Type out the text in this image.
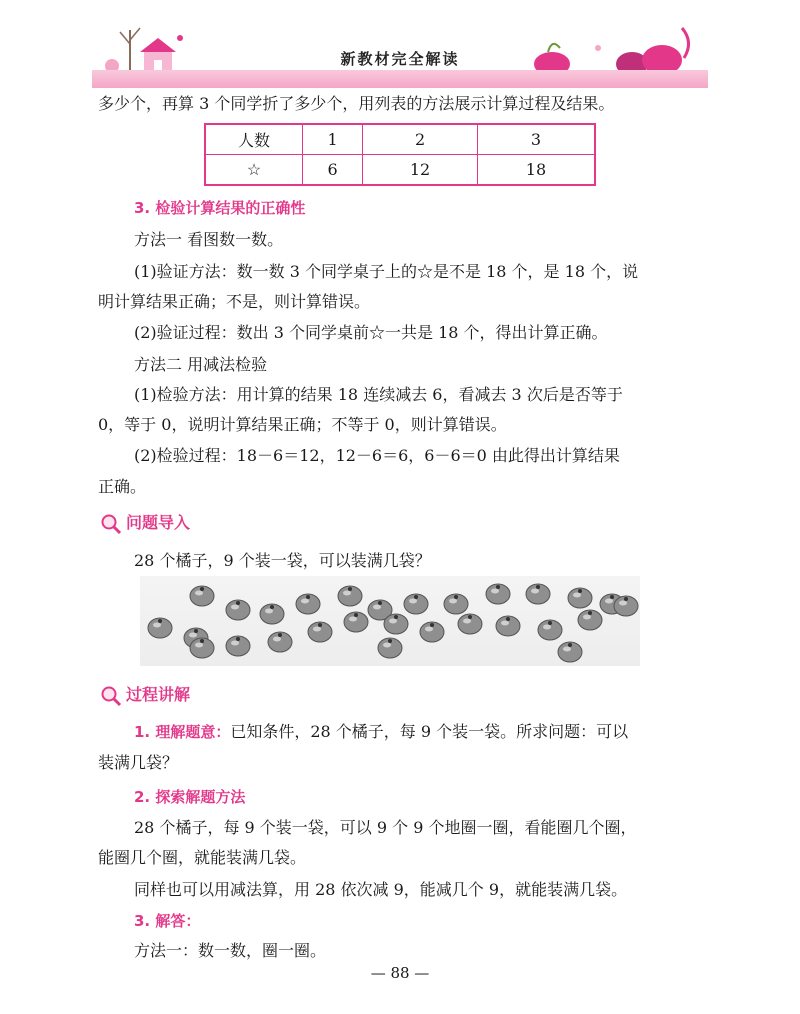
新教材完全解读
多少个，再算 3 个同学折了多少个，用列表的方法展示计算过程及结果。
人数	1	2	3
☆	6	12	18
3. 检验计算结果的正确性
方法一 看图数一数。
(1)验证方法：数一数 3 个同学桌子上的☆是不是 18 个，是 18 个，说
明计算结果正确；不是，则计算错误。
(2)验证过程：数出 3 个同学桌前☆一共是 18 个，得出计算正确。
方法二 用减法检验
(1)检验方法：用计算的结果 18 连续减去 6，看减去 3 次后是否等于
0，等于 0，说明计算结果正确；不等于 0，则计算错误。
(2)检验过程：18－6＝12，12－6＝6，6－6＝0 由此得出计算结果
正确。
问题导入
28 个橘子，9 个装一袋，可以装满几袋？
过程讲解
1. 理解题意：已知条件，28 个橘子，每 9 个装一袋。所求问题：可以
装满几袋？
2. 探索解题方法
28 个橘子，每 9 个装一袋，可以 9 个 9 个地圈一圈，看能圈几个圈，
能圈几个圈，就能装满几袋。
同样也可以用减法算，用 28 依次减 9，能减几个 9，就能装满几袋。
3. 解答：
方法一：数一数，圈一圈。
— 88 —
